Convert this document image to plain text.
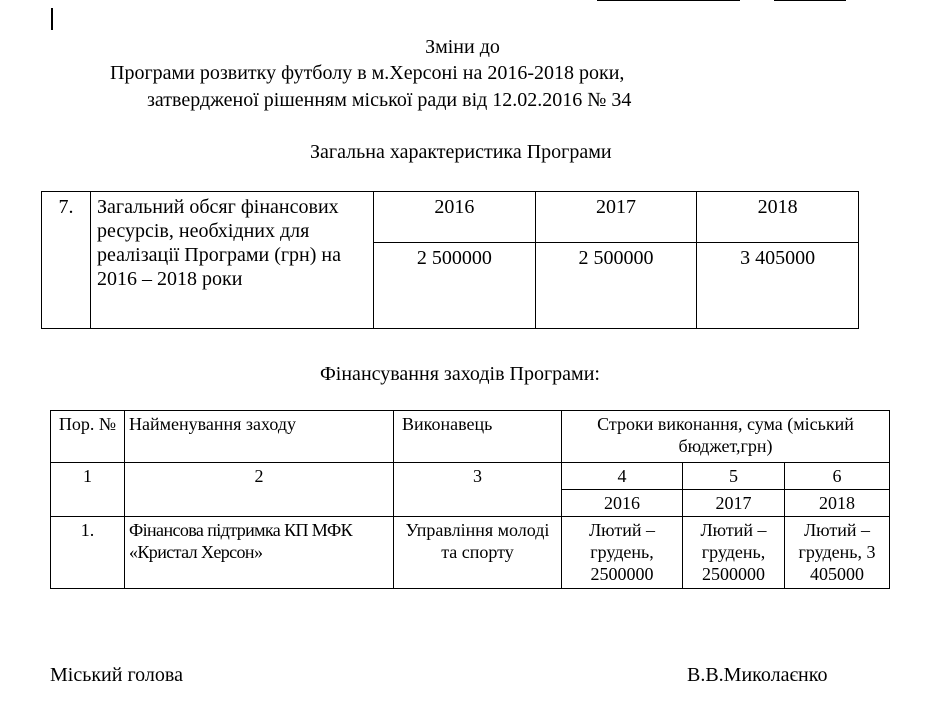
Зміни до
Програми розвитку футболу в м.Херсоні на 2016-2018 роки,
затвердженої рішенням міської ради від 12.02.2016 № 34
Загальна характеристика Програми
7.	Загальний обсяг фінансових ресурсів, необхідних для реалізації Програми (грн) на 2016 – 2018 роки	2016	2017	2018
		2 500000	2 500000	3 405000
Фінансування заходів Програми:
Пор. №	Найменування заходу	Виконавець	Строки виконання, сума (міський бюджет,грн)		
1	2	3	4	5	6
			2016	2017	2018
1.	Фінансова підтримка КП МФК «Кристал Херсон»	Управління молоді та спорту	Лютий – грудень, 2500000	Лютий – грудень, 2500000	Лютий – грудень, 3 405000
Міський голова	В.В.Миколаєнко
